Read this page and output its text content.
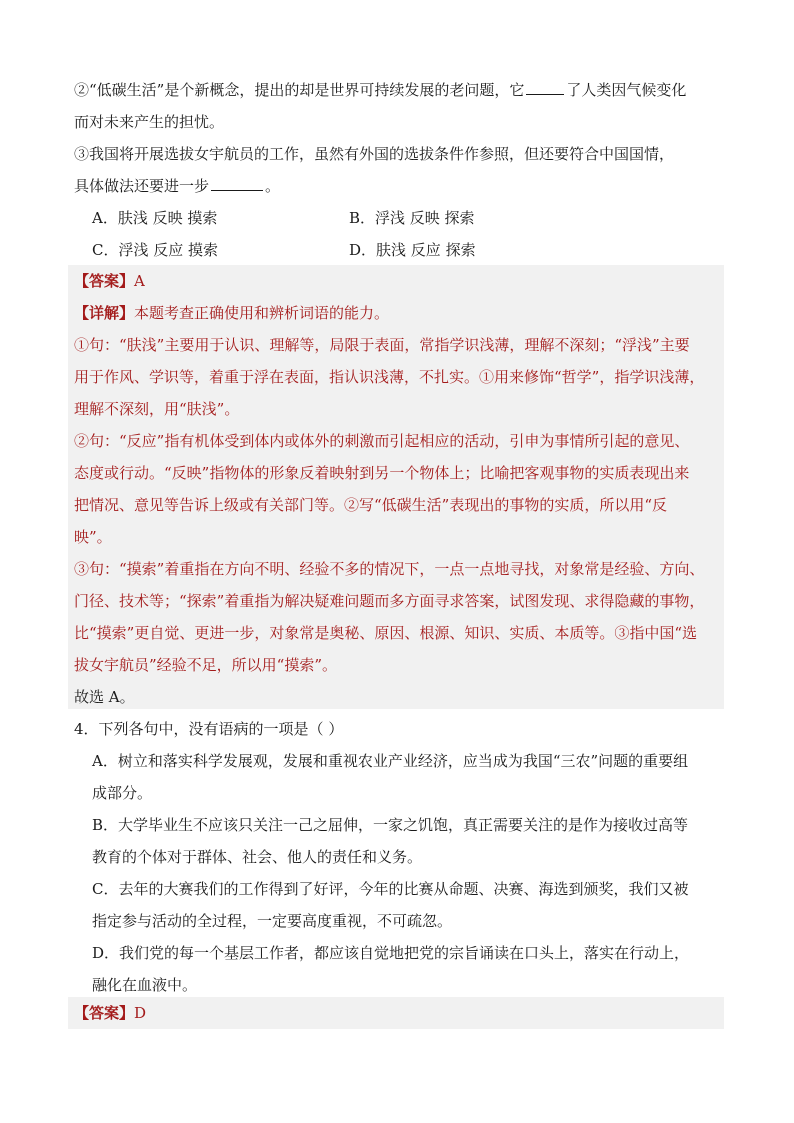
②“低碳生活”是个新概念，提出的却是世界可持续发展的老问题，它	了人类因气候变化
而对未来产生的担忧。
③我国将开展选拔女宇航员的工作，虽然有外国的选拔条件作参照，但还要符合中国国情，
具体做法还要进一步	。
A．肤浅 反映 摸索	B．浮浅 反映 探索
C．浮浅 反应 摸索	D．肤浅 反应 探索
【答案】A
【详解】本题考查正确使用和辨析词语的能力。
①句：“肤浅”主要用于认识、理解等，局限于表面，常指学识浅薄，理解不深刻；“浮浅”主要
用于作风、学识等，着重于浮在表面，指认识浅薄，不扎实。①用来修饰“哲学”，指学识浅薄，
理解不深刻，用“肤浅”。
②句：“反应”指有机体受到体内或体外的刺激而引起相应的活动，引申为事情所引起的意见、
态度或行动。“反映”指物体的形象反着映射到另一个物体上；比喻把客观事物的实质表现出来
把情况、意见等告诉上级或有关部门等。②写“低碳生活”表现出的事物的实质，所以用“反
映”。
③句：“摸索”着重指在方向不明、经验不多的情况下，一点一点地寻找，对象常是经验、方向、
门径、技术等；“探索”着重指为解决疑难问题而多方面寻求答案，试图发现、求得隐藏的事物，
比“摸索”更自觉、更进一步，对象常是奥秘、原因、根源、知识、实质、本质等。③指中国“选
拔女宇航员”经验不足，所以用“摸索”。
故选 A。
4．下列各句中，没有语病的一项是（ ）
A．树立和落实科学发展观，发展和重视农业产业经济，应当成为我国“三农”问题的重要组
成部分。
B．大学毕业生不应该只关注一己之屈伸，一家之饥饱，真正需要关注的是作为接收过高等
教育的个体对于群体、社会、他人的责任和义务。
C．去年的大赛我们的工作得到了好评，今年的比赛从命题、决赛、海选到颁奖，我们又被
指定参与活动的全过程，一定要高度重视，不可疏忽。
D．我们党的每一个基层工作者，都应该自觉地把党的宗旨诵读在口头上，落实在行动上，
融化在血液中。
【答案】D
